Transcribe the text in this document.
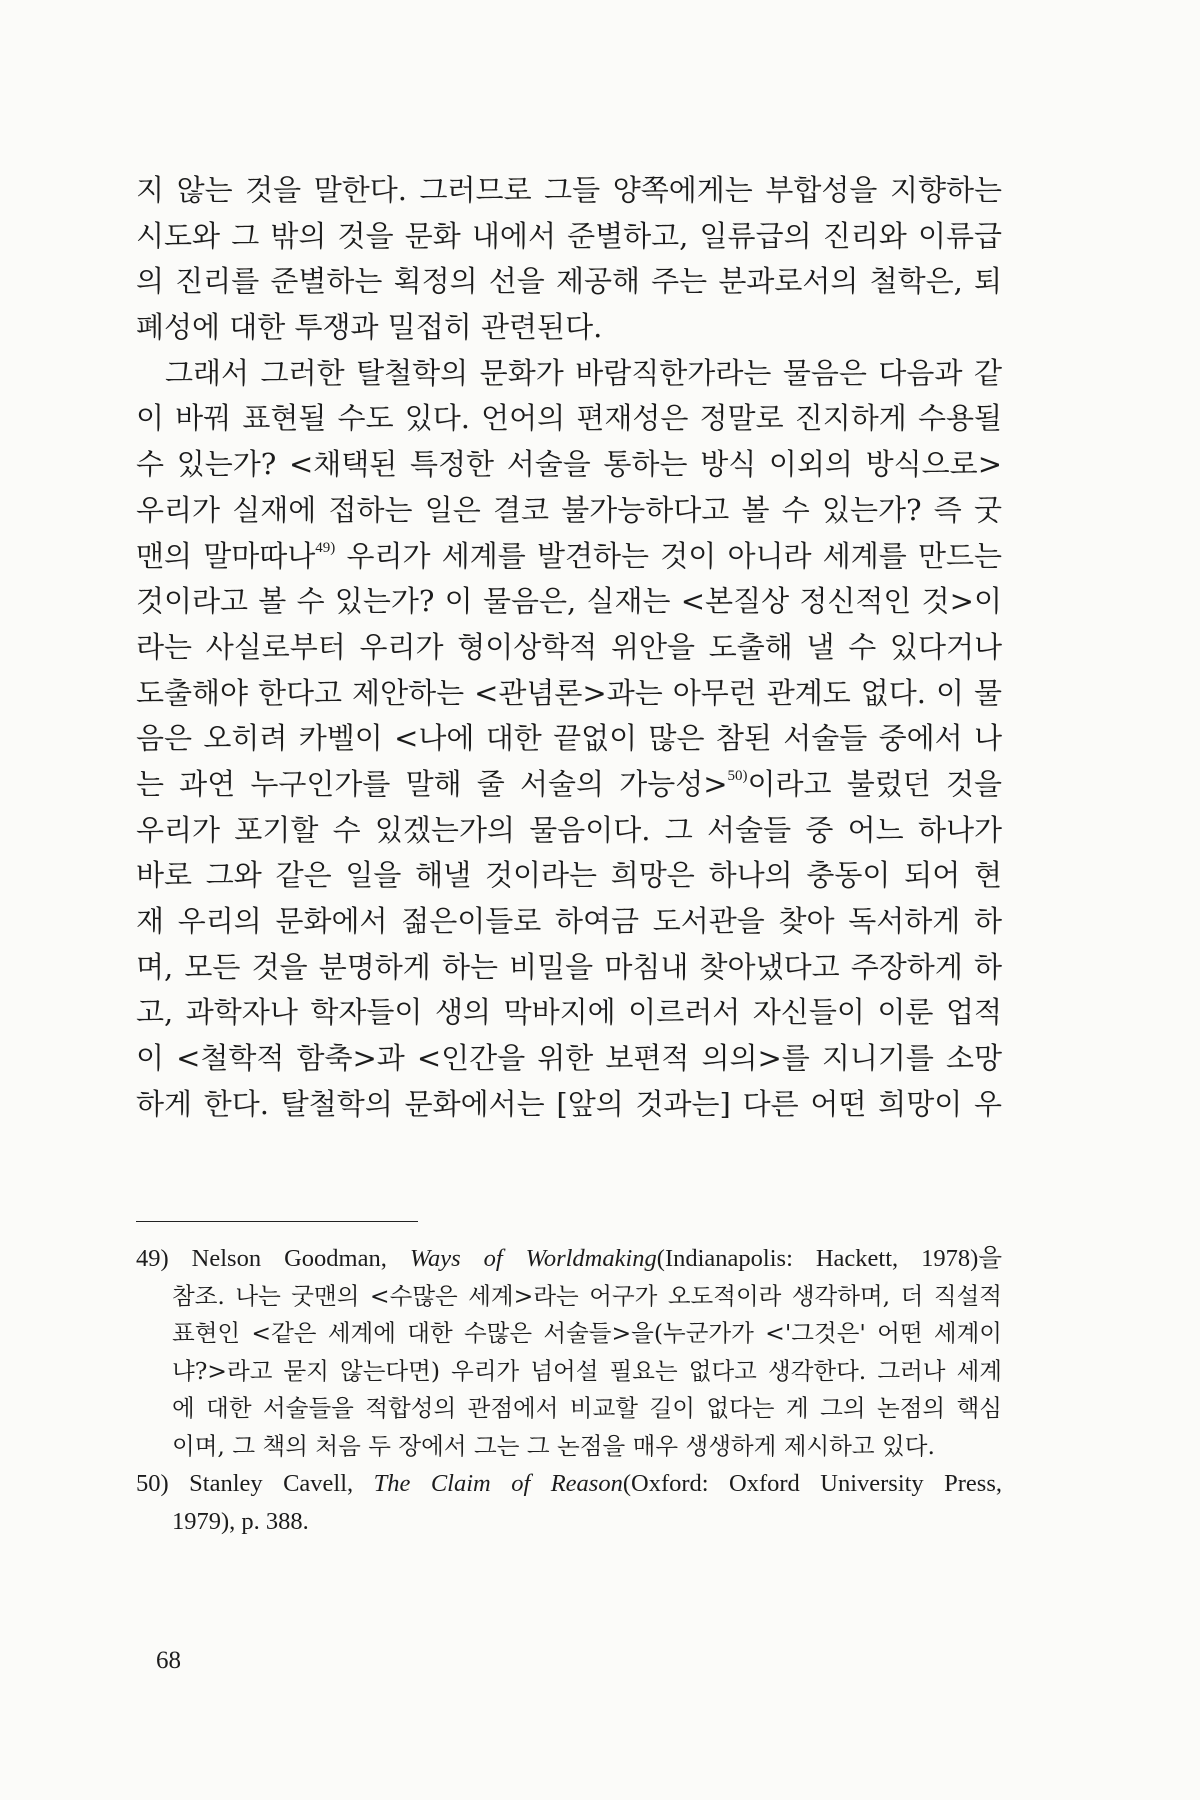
지 않는 것을 말한다. 그러므로 그들 양쪽에게는 부합성을 지향하는
시도와 그 밖의 것을 문화 내에서 준별하고, 일류급의 진리와 이류급
의 진리를 준별하는 획정의 선을 제공해 주는 분과로서의 철학은, 퇴
폐성에 대한 투쟁과 밀접히 관련된다.
그래서 그러한 탈철학의 문화가 바람직한가라는 물음은 다음과 같
이 바꿔 표현될 수도 있다. 언어의 편재성은 정말로 진지하게 수용될
수 있는가? <채택된 특정한 서술을 통하는 방식 이외의 방식으로>
우리가 실재에 접하는 일은 결코 불가능하다고 볼 수 있는가? 즉 굿
맨의 말마따나$^{49)}$ 우리가 세계를 발견하는 것이 아니라 세계를 만드는
것이라고 볼 수 있는가? 이 물음은, 실재는 <본질상 정신적인 것>이
라는 사실로부터 우리가 형이상학적 위안을 도출해 낼 수 있다거나
도출해야 한다고 제안하는 <관념론>과는 아무런 관계도 없다. 이 물
음은 오히려 카벨이 <나에 대한 끝없이 많은 참된 서술들 중에서 나
는 과연 누구인가를 말해 줄 서술의 가능성>$^{50)}$이라고 불렀던 것을
우리가 포기할 수 있겠는가의 물음이다. 그 서술들 중 어느 하나가
바로 그와 같은 일을 해낼 것이라는 희망은 하나의 충동이 되어 현
재 우리의 문화에서 젊은이들로 하여금 도서관을 찾아 독서하게 하
며, 모든 것을 분명하게 하는 비밀을 마침내 찾아냈다고 주장하게 하
고, 과학자나 학자들이 생의 막바지에 이르러서 자신들이 이룬 업적
이 <철학적 함축>과 <인간을 위한 보편적 의의>를 지니기를 소망
하게 한다. 탈철학의 문화에서는 [앞의 것과는] 다른 어떤 희망이 우
49) Nelson Goodman, Ways of Worldmaking(Indianapolis: Hackett, 1978)을
참조. 나는 굿맨의 <수많은 세계>라는 어구가 오도적이라 생각하며, 더 직설적
표현인 <같은 세계에 대한 수많은 서술들>을(누군가가 <'그것은' 어떤 세계이
냐?>라고 묻지 않는다면) 우리가 넘어설 필요는 없다고 생각한다. 그러나 세계
에 대한 서술들을 적합성의 관점에서 비교할 길이 없다는 게 그의 논점의 핵심
이며, 그 책의 처음 두 장에서 그는 그 논점을 매우 생생하게 제시하고 있다.
50) Stanley Cavell, The Claim of Reason(Oxford: Oxford University Press,
1979), p. 388.
68
